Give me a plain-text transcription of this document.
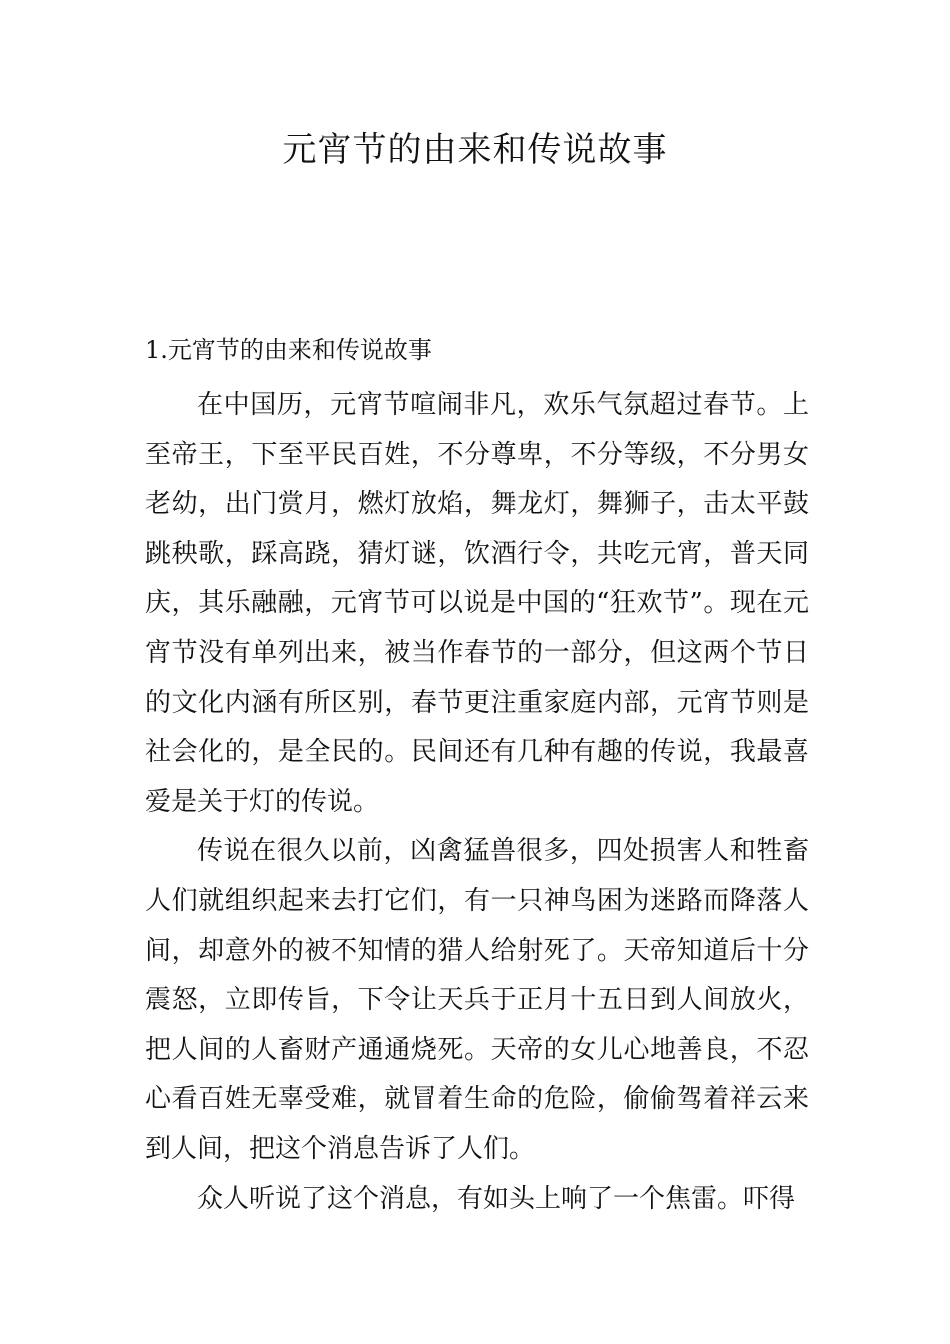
元宵节的由来和传说故事
1.元宵节的由来和传说故事

在中国历，元宵节喧闹非凡，欢乐气氛超过春节。上至帝王，下至平民百姓，不分尊卑，不分等级，不分男女老幼，出门赏月，燃灯放焰，舞龙灯，舞狮子，击太平鼓跳秧歌，踩高跷，猜灯谜，饮酒行令，共吃元宵，普天同庆，其乐融融，元宵节可以说是中国的“狂欢节”。现在元宵节没有单列出来，被当作春节的一部分，但这两个节日的文化内涵有所区别，春节更注重家庭内部，元宵节则是社会化的，是全民的。民间还有几种有趣的传说，我最喜爱是关于灯的传说。

传说在很久以前，凶禽猛兽很多，四处损害人和牲畜人们就组织起来去打它们，有一只神鸟困为迷路而降落人间，却意外的被不知情的猎人给射死了。天帝知道后十分震怒，立即传旨，下令让天兵于正月十五日到人间放火，把人间的人畜财产通通烧死。天帝的女儿心地善良，不忍心看百姓无辜受难，就冒着生命的危险，偷偷驾着祥云来到人间，把这个消息告诉了人们。

众人听说了这个消息，有如头上响了一个焦雷。吓得
